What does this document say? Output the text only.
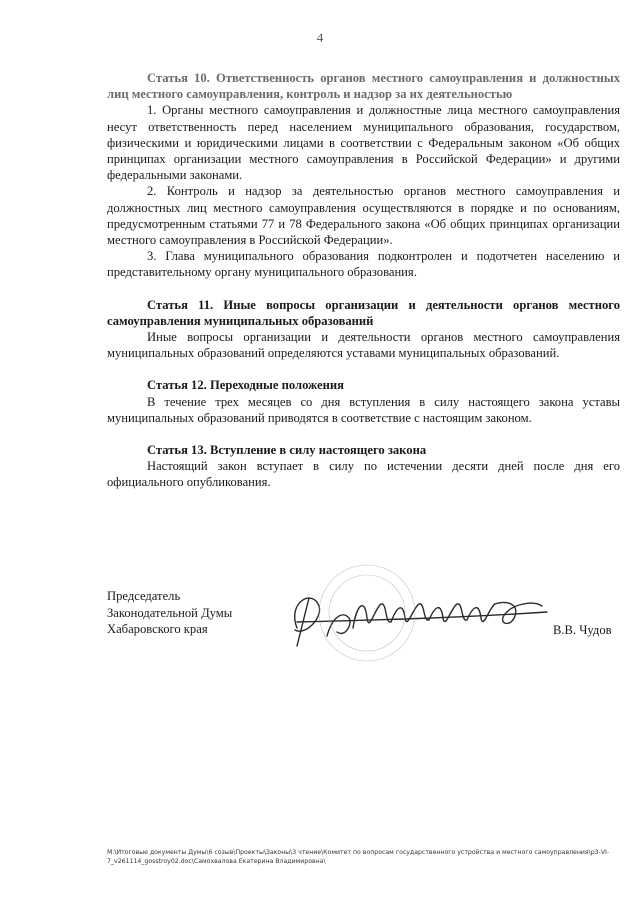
4

Статья 10. Ответственность органов местного самоуправления и должностных лиц местного самоуправления, контроль и надзор за их деятельностью

1. Органы местного самоуправления и должностные лица местного самоуправления несут ответственность перед населением муниципального образования, государством, физическими и юридическими лицами в соответствии с Федеральным законом «Об общих принципах организации местного самоуправления в Российской Федерации» и другими федеральными законами.

2. Контроль и надзор за деятельностью органов местного самоуправления и должностных лиц местного самоуправления осуществляются в порядке и по основаниям, предусмотренным статьями 77 и 78 Федерального закона «Об общих принципах организации местного самоуправления в Российской Федерации».

3. Глава муниципального образования подконтролен и подотчетен населению и представительному органу муниципального образования.

Статья 11. Иные вопросы организации и деятельности органов местного самоуправления муниципальных образований

Иные вопросы организации и деятельности органов местного самоуправления муниципальных образований определяются уставами муниципальных образований.

Статья 12. Переходные положения

В течение трех месяцев со дня вступления в силу настоящего закона уставы муниципальных образований приводятся в соответствие с настоящим законом.

Статья 13. Вступление в силу настоящего закона

Настоящий закон вступает в силу по истечении десяти дней после дня его официального опубликования.

Председатель
Законодательной Думы
Хабаровского края	В.В. Чудов
M:\Итоговые документы Думы\6 созыв\Проекты\Законы\3 чтение\Комитет по вопросам государственного устройства и местного самоуправления\р3-VI-7_v261114_gosstroy02.doc\Самохвалова Екатерина Владимировна\
